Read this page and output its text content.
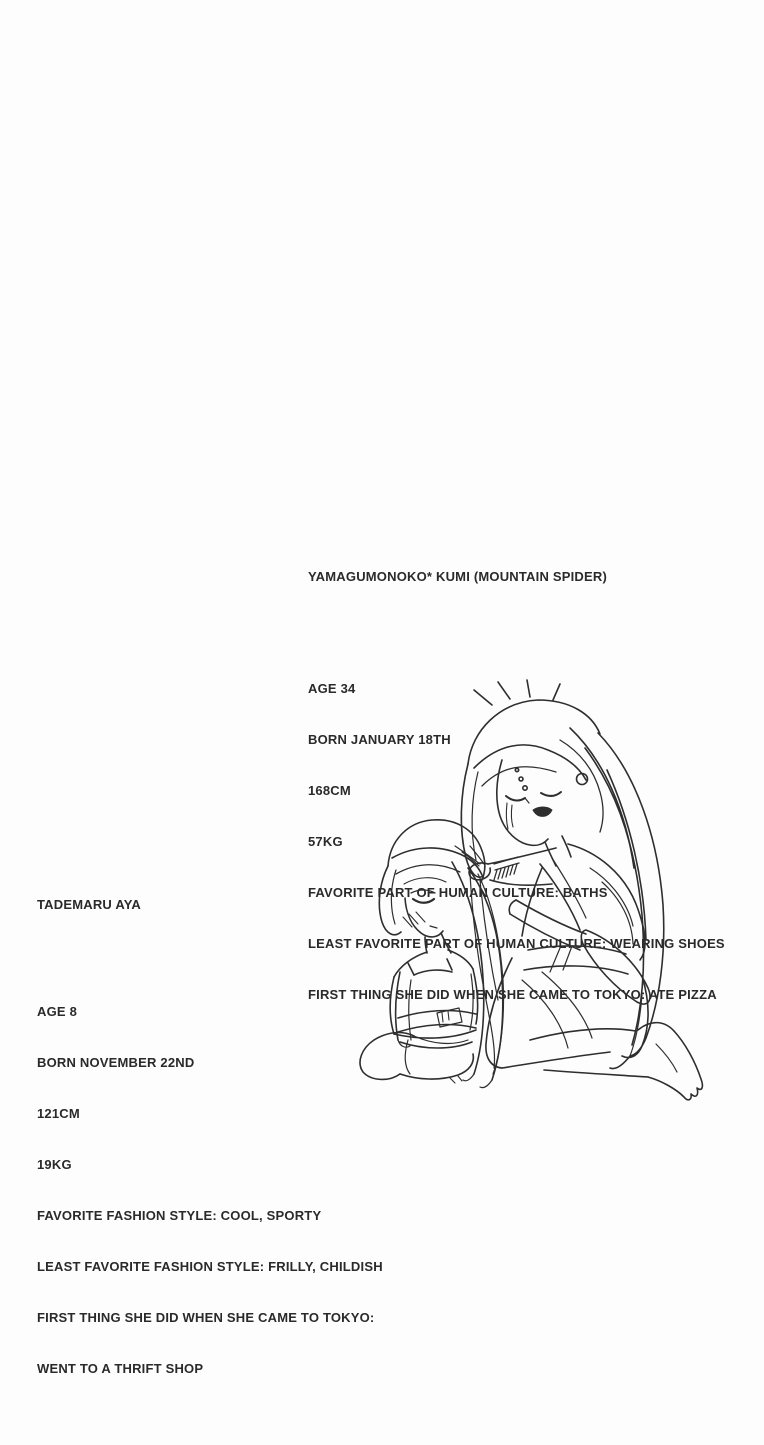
YAMAGUMONOKO* KUMI (MOUNTAIN SPIDER)

AGE 34

BORN JANUARY 18TH

168CM

57KG

FAVORITE PART OF HUMAN CULTURE: BATHS

LEAST FAVORITE PART OF HUMAN CULTURE: WEARING SHOES

FIRST THING SHE DID WHEN SHE CAME TO TOKYO: ATE PIZZA

TADEMARU AYA

AGE 8

BORN NOVEMBER 22ND

121CM

19KG

FAVORITE FASHION STYLE: COOL, SPORTY

LEAST FAVORITE FASHION STYLE: FRILLY, CHILDISH

FIRST THING SHE DID WHEN SHE CAME TO TOKYO:

WENT TO A THRIFT SHOP
